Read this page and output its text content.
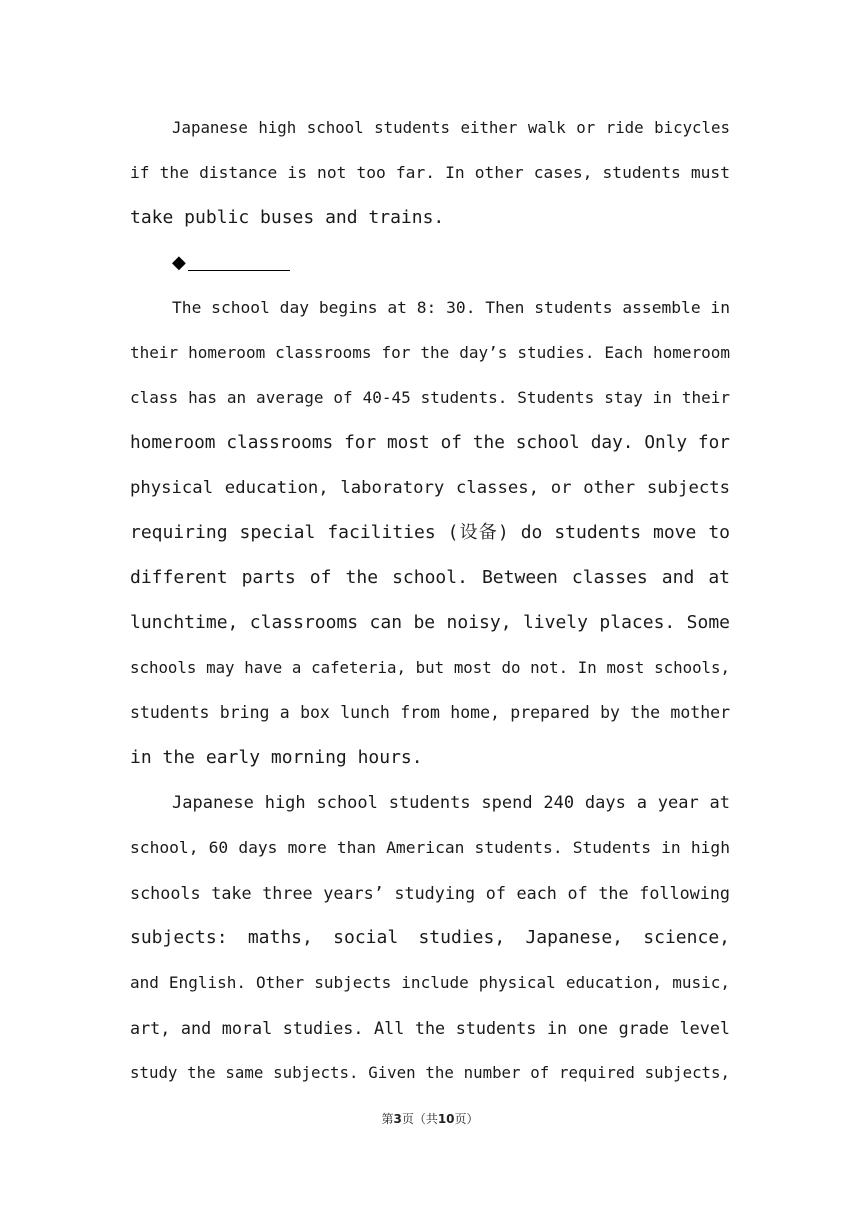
Japanese high school students either walk or ride bicycles
if the distance is not too far. In other cases, students must
take public buses and trains.
◆
The school day begins at 8: 30. Then students assemble in
their homeroom classrooms for the day’s studies. Each homeroom
class has an average of 40-45 students. Students stay in their
homeroom classrooms for most of the school day. Only for
physical education, laboratory classes, or other subjects
requiring special facilities (设备) do students move to
different parts of the school. Between classes and at
lunchtime, classrooms can be noisy, lively places. Some
schools may have a cafeteria, but most do not. In most schools,
students bring a box lunch from home, prepared by the mother
in the early morning hours.
Japanese high school students spend 240 days a year at
school, 60 days more than American students. Students in high
schools take three years’ studying of each of the following
subjects: maths, social studies, Japanese, science,
and English. Other subjects include physical education, music,
art, and moral studies. All the students in one grade level
study the same subjects. Given the number of required subjects,
第3页（共10页）
